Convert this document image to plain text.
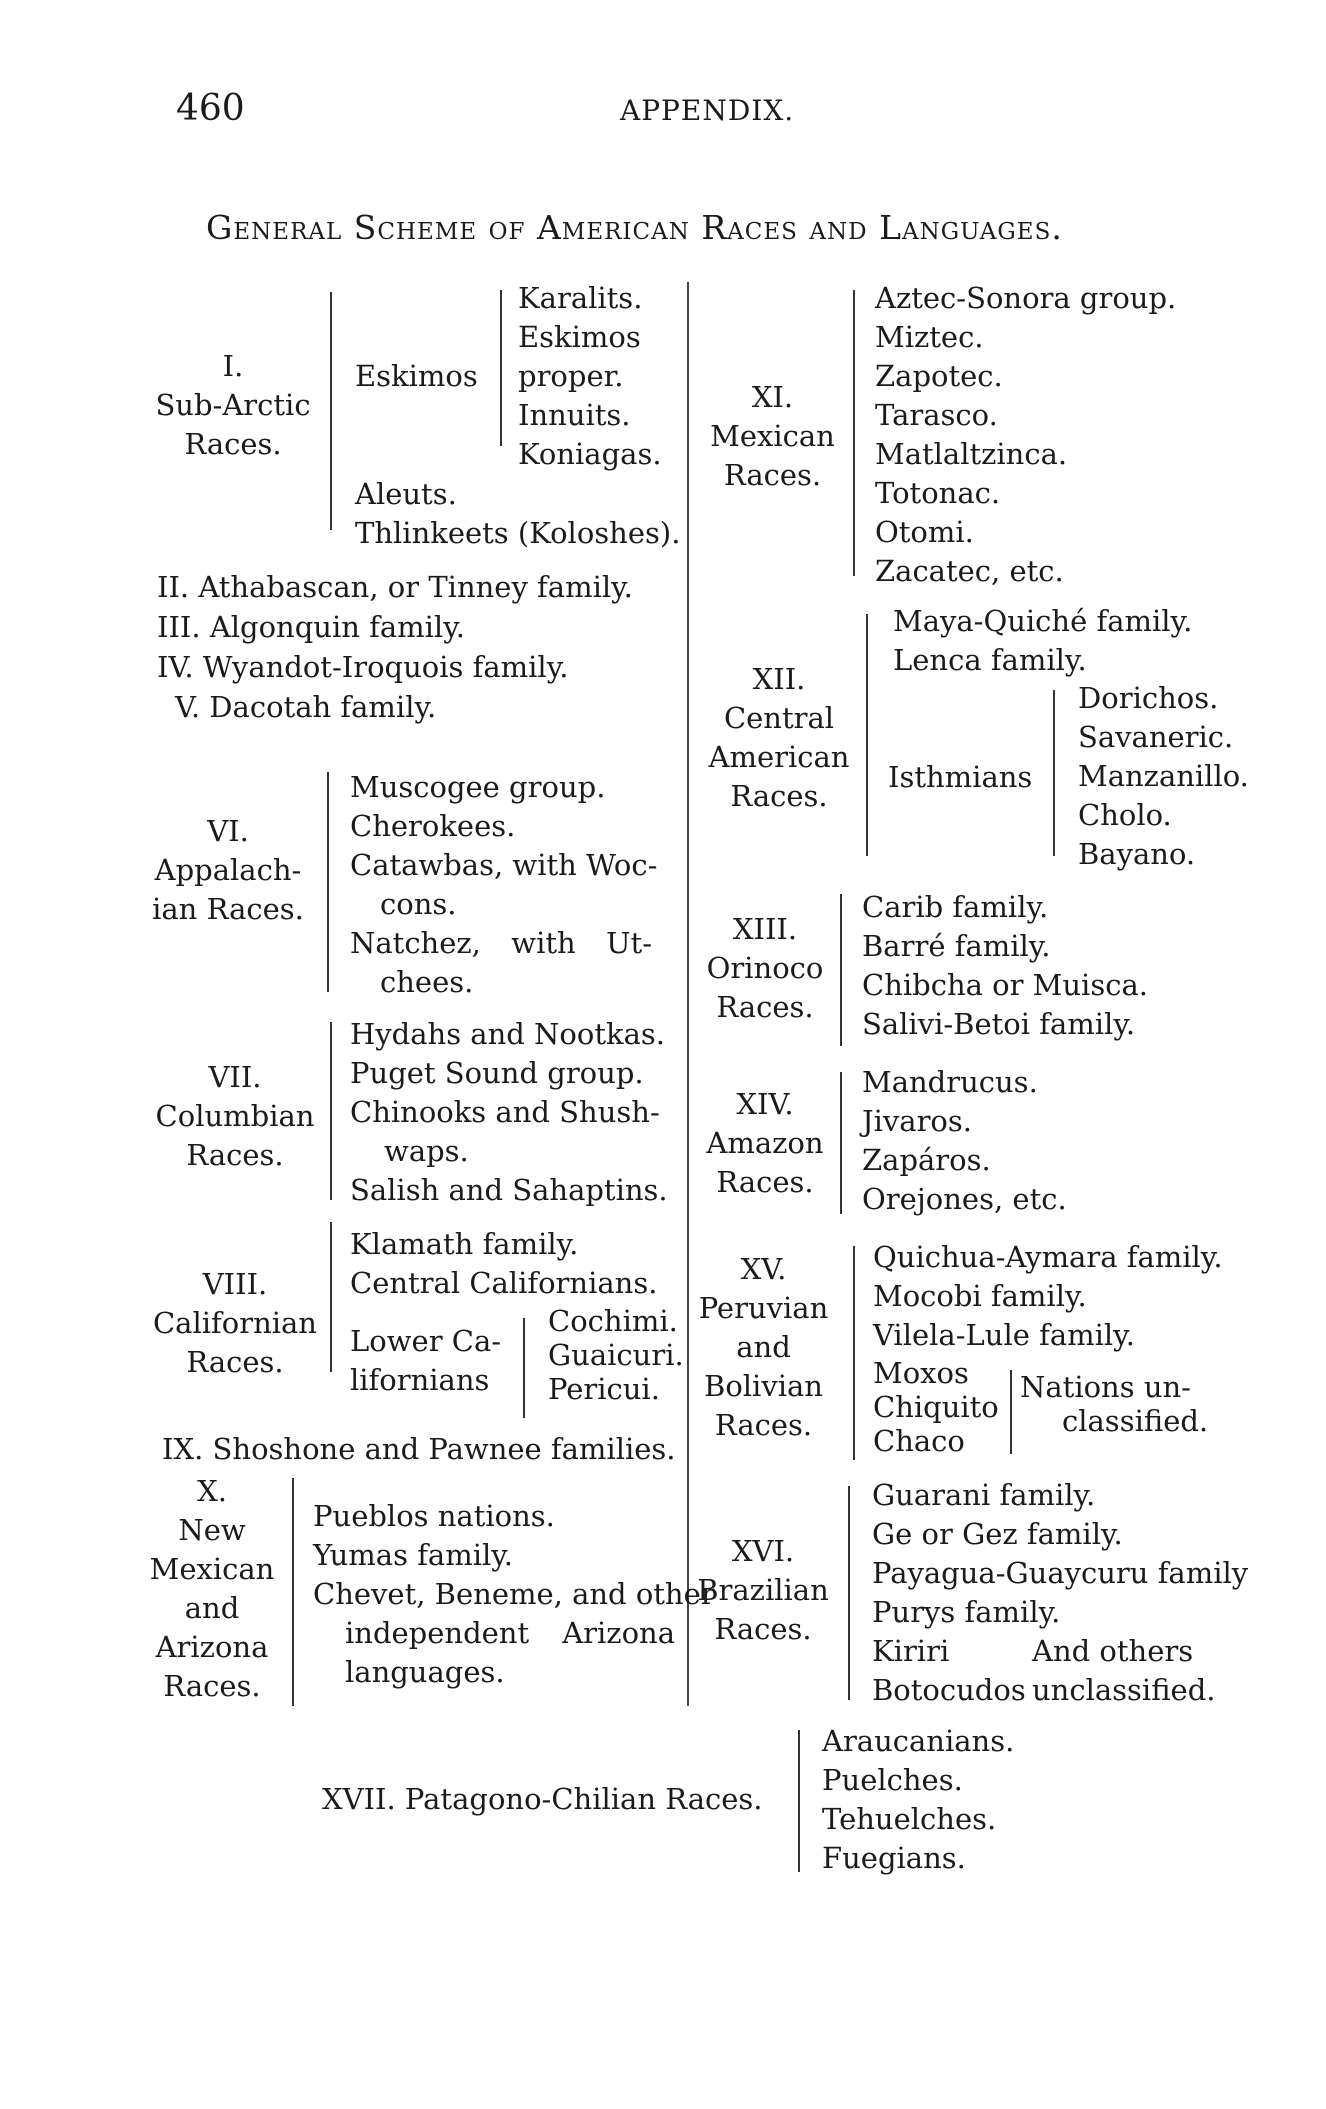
460	APPENDIX.
General Scheme of American Races and Languages.
I.
Sub-Arctic
Races.
Eskimos
Karalits.
Eskimos
proper.
Innuits.
Koniagas.
Aleuts.
Thlinkeets (Koloshes).
II. Athabascan, or Tinney family.
III. Algonquin family.
IV. Wyandot-Iroquois family.
V. Dacotah family.
VI.
Appalach-
ian Races.
Muscogee group.
Cherokees.
Catawbas, with Woc-
cons.
Natchez, with Ut-
chees.
VII.
Columbian
Races.
Hydahs and Nootkas.
Puget Sound group.
Chinooks and Shush-
waps.
Salish and Sahaptins.
VIII.
Californian
Races.
Klamath family.
Central Californians.
Lower Ca-
lifornians
Cochimi.
Guaicuri.
Pericui.
IX. Shoshone and Pawnee families.
X.
New
Mexican
and
Arizona
Races.
Pueblos nations.
Yumas family.
Chevet, Beneme, and other
independent Arizona
languages.
XI.
Mexican
Races.
Aztec-Sonora group.
Miztec.
Zapotec.
Tarasco.
Matlaltzinca.
Totonac.
Otomi.
Zacatec, etc.
XII.
Central
American
Races.
Maya-Quiché family.
Lenca family.
Isthmians
Dorichos.
Savaneric.
Manzanillo.
Cholo.
Bayano.
XIII.
Orinoco
Races.
Carib family.
Barré family.
Chibcha or Muisca.
Salivi-Betoi family.
XIV.
Amazon
Races.
Mandrucus.
Jivaros.
Zapáros.
Orejones, etc.
XV.
Peruvian
and
Bolivian
Races.
Quichua-Aymara family.
Mocobi family.
Vilela-Lule family.
Moxos
Chiquito
Chaco
Nations un-
classified.
XVI.
Brazilian
Races.
Guarani family.
Ge or Gez family.
Payagua-Guaycuru family
Purys family.
Kiriri	And others
Botocudos unclassified.
XVII. Patagono-Chilian Races.
Araucanians.
Puelches.
Tehuelches.
Fuegians.
